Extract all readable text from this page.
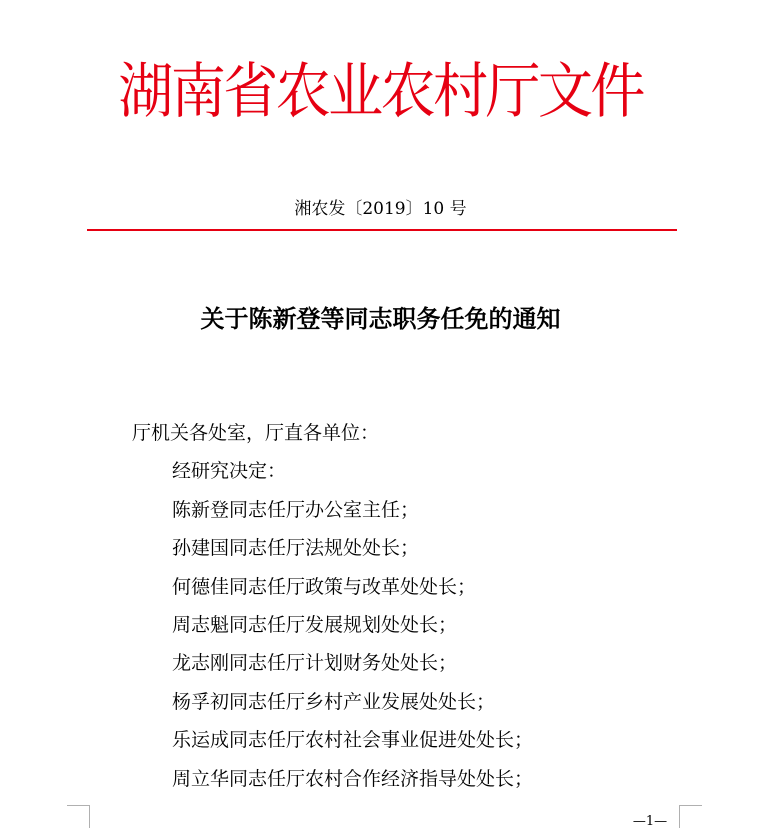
湖南省农业农村厅文件
湘农发〔2019〕10 号
关于陈新登等同志职务任免的通知
厅机关各处室，厅直各单位：
经研究决定：
陈新登同志任厅办公室主任；
孙建国同志任厅法规处处长；
何德佳同志任厅政策与改革处处长；
周志魁同志任厅发展规划处处长；
龙志刚同志任厅计划财务处处长；
杨孚初同志任厅乡村产业发展处处长；
乐运成同志任厅农村社会事业促进处处长；
周立华同志任厅农村合作经济指导处处长；
—1—
